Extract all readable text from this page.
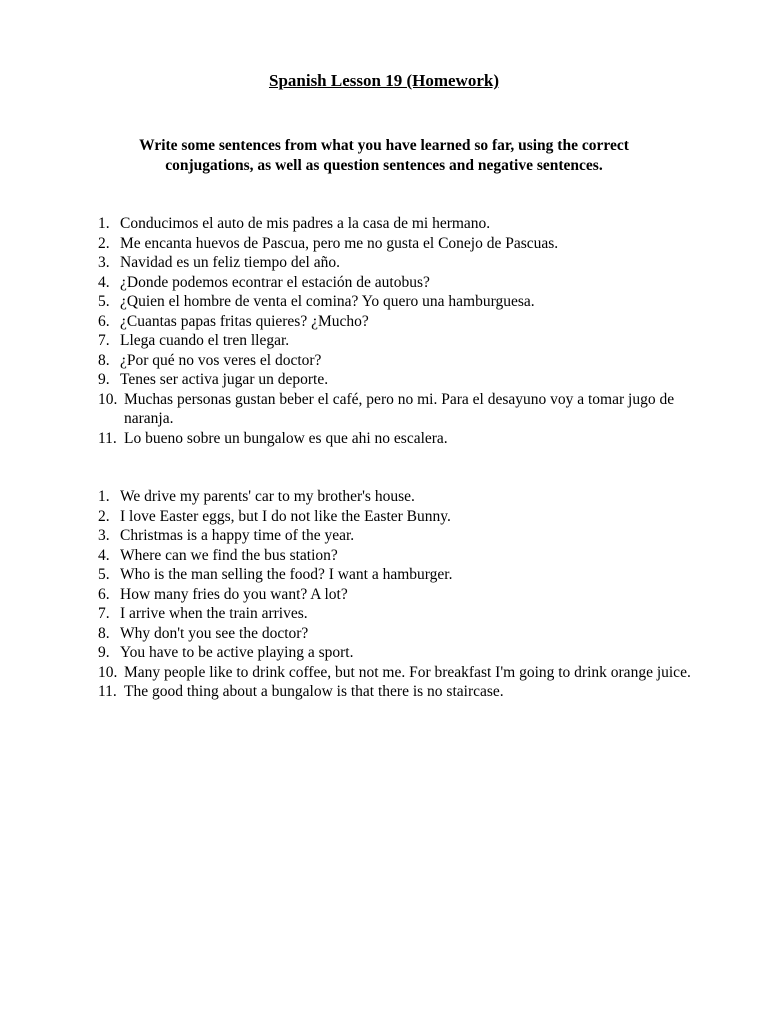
Spanish Lesson 19 (Homework)
Write some sentences from what you have learned so far, using the correct
conjugations, as well as question sentences and negative sentences.
1. Conducimos el auto de mis padres a la casa de mi hermano.
2. Me encanta huevos de Pascua, pero me no gusta el Conejo de Pascuas.
3. Navidad es un feliz tiempo del año.
4. ¿Donde podemos econtrar el estación de autobus?
5. ¿Quien el hombre de venta el comina? Yo quero una hamburguesa.
6. ¿Cuantas papas fritas quieres? ¿Mucho?
7. Llega cuando el tren llegar.
8. ¿Por qué no vos veres el doctor?
9. Tenes ser activa jugar un deporte.
10. Muchas personas gustan beber el café, pero no mi. Para el desayuno voy a tomar jugo de naranja.
11. Lo bueno sobre un bungalow es que ahi no escalera.
1. We drive my parents' car to my brother's house.
2. I love Easter eggs, but I do not like the Easter Bunny.
3. Christmas is a happy time of the year.
4. Where can we find the bus station?
5. Who is the man selling the food? I want a hamburger.
6. How many fries do you want? A lot?
7. I arrive when the train arrives.
8. Why don't you see the doctor?
9. You have to be active playing a sport.
10. Many people like to drink coffee, but not me. For breakfast I'm going to drink orange juice.
11. The good thing about a bungalow is that there is no staircase.
